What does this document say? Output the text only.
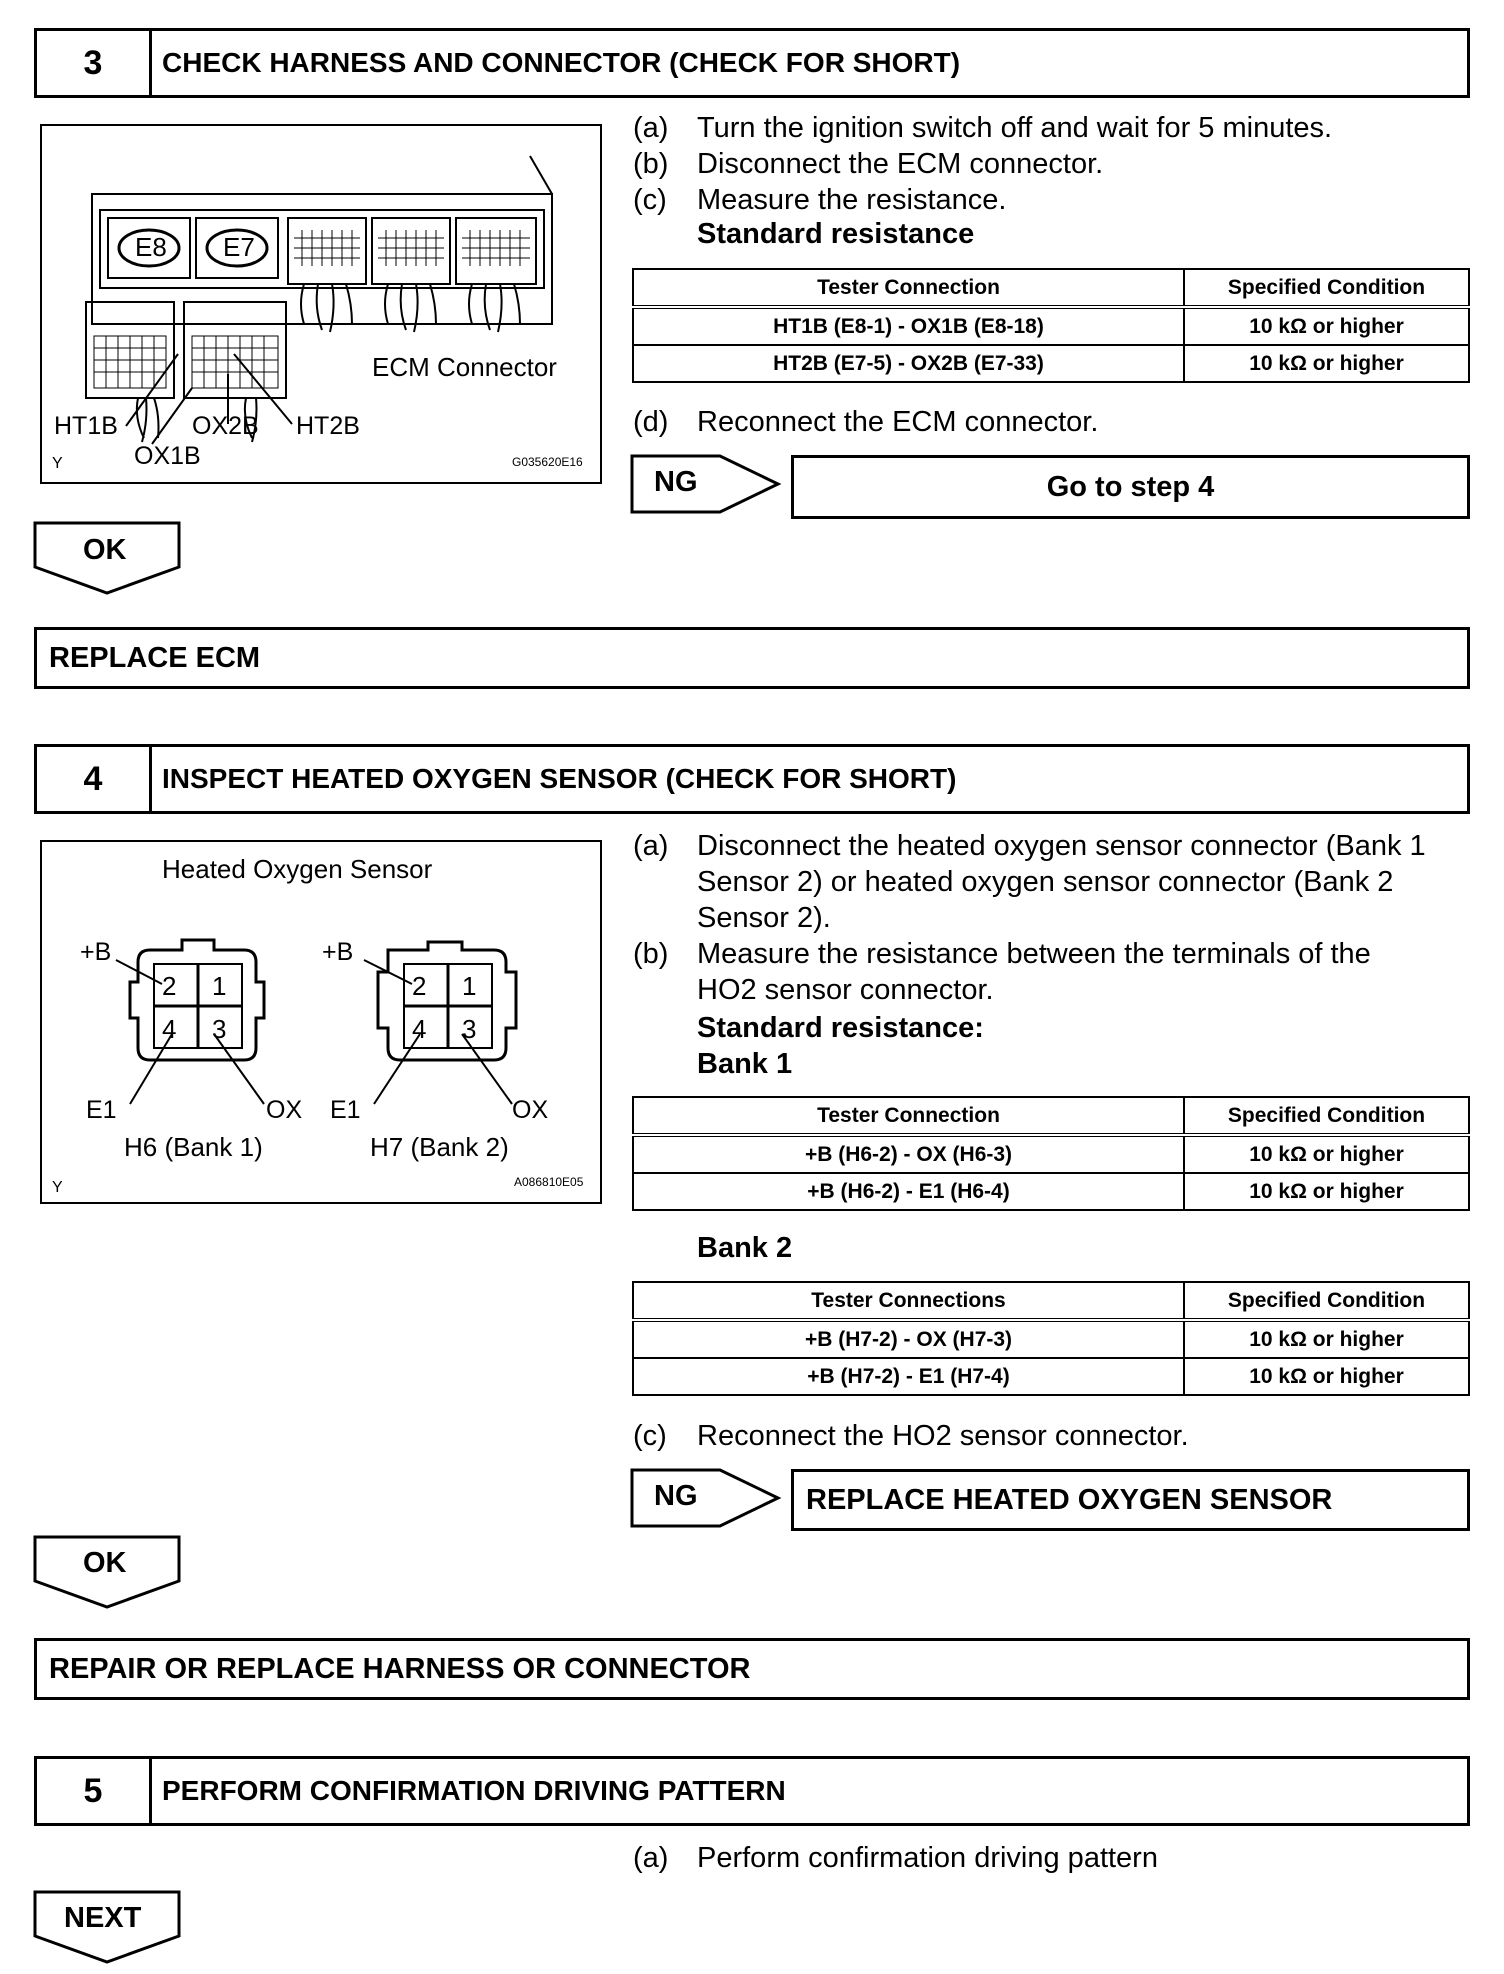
3	CHECK HARNESS AND CONNECTOR (CHECK FOR SHORT)
ECM Connector
HT1B
OX1B
OX2B HT2B
E8 E7
Y	G035620E16
(a) Turn the ignition switch off and wait for 5 minutes.
(b) Disconnect the ECM connector.
(c) Measure the resistance.
Standard resistance
Tester Connection	Specified Condition
HT1B (E8-1) - OX1B (E8-18)	10 kΩ or higher
HT2B (E7-5) - OX2B (E7-33)	10 kΩ or higher
(d) Reconnect the ECM connector.
NG	Go to step 4
OK
REPLACE ECM
4	INSPECT HEATED OXYGEN SENSOR (CHECK FOR SHORT)
Heated Oxygen Sensor
2 1
4 3
+B
E1	OX
H6 (Bank 1)
2 1
4 3
+B
E1	OX
H7 (Bank 2)
Y	A086810E05
(a) Disconnect the heated oxygen sensor connector (Bank 1
Sensor 2) or heated oxygen sensor connector (Bank 2
Sensor 2).
(b) Measure the resistance between the terminals of the
HO2 sensor connector.
Standard resistance:
Bank 1
Tester Connection	Specified Condition
+B (H6-2) - OX (H6-3)	10 kΩ or higher
+B (H6-2) - E1 (H6-4)	10 kΩ or higher
Bank 2
Tester Connections	Specified Condition
+B (H7-2) - OX (H7-3)	10 kΩ or higher
+B (H7-2) - E1 (H7-4)	10 kΩ or higher
(c) Reconnect the HO2 sensor connector.
NG	REPLACE HEATED OXYGEN SENSOR
OK
REPAIR OR REPLACE HARNESS OR CONNECTOR
5	PERFORM CONFIRMATION DRIVING PATTERN
(a) Perform confirmation driving pattern
NEXT
